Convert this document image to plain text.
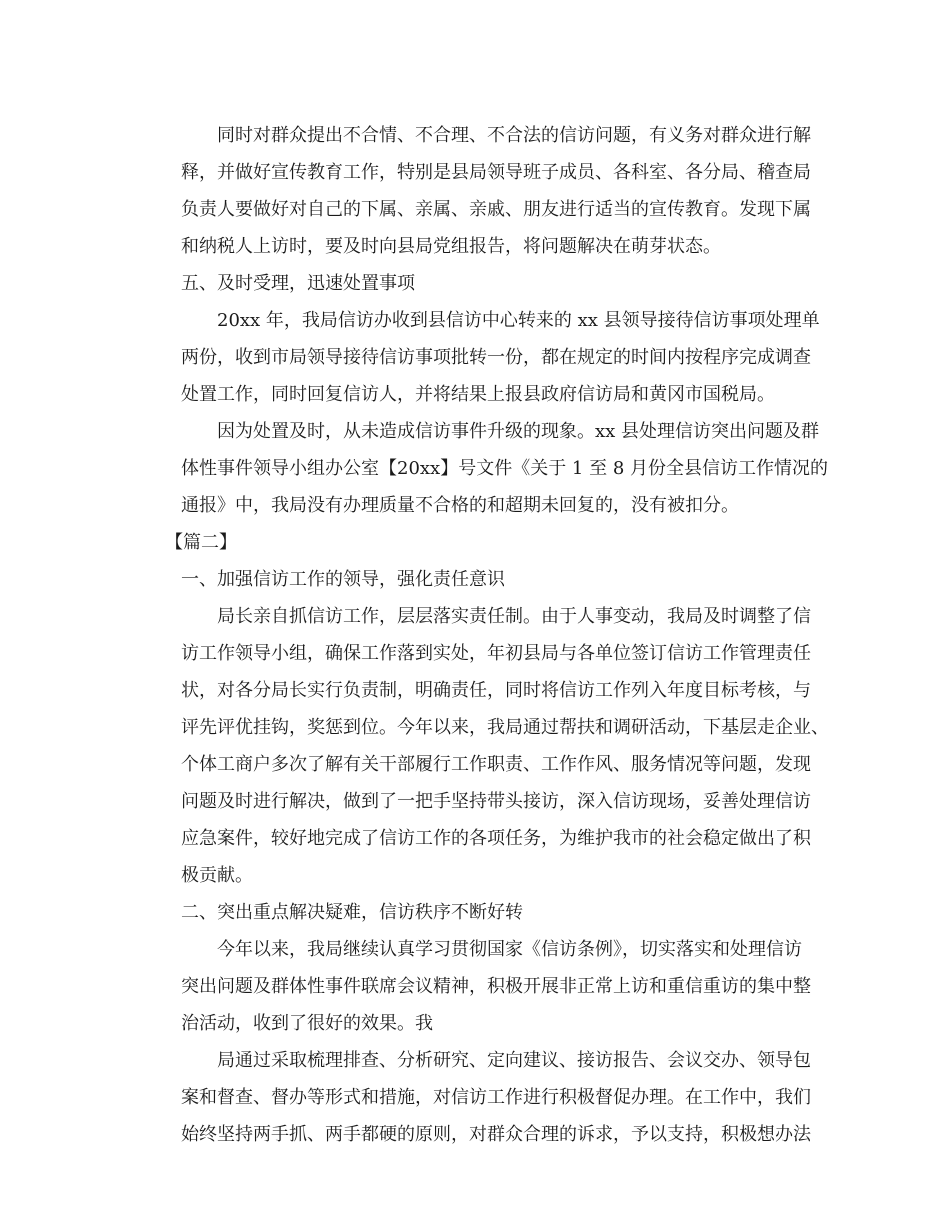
同时对群众提出不合情、不合理、不合法的信访问题，有义务对群众进行解
释，并做好宣传教育工作，特别是县局领导班子成员、各科室、各分局、稽查局
负责人要做好对自己的下属、亲属、亲戚、朋友进行适当的宣传教育。发现下属
和纳税人上访时，要及时向县局党组报告，将问题解决在萌芽状态。
五、及时受理，迅速处置事项
20xx 年，我局信访办收到县信访中心转来的 xx 县领导接待信访事项处理单
两份，收到市局领导接待信访事项批转一份，都在规定的时间内按程序完成调查
处置工作，同时回复信访人，并将结果上报县政府信访局和黄冈市国税局。
因为处置及时，从未造成信访事件升级的现象。xx 县处理信访突出问题及群
体性事件领导小组办公室【20xx】号文件《关于 1 至 8 月份全县信访工作情况的
通报》中，我局没有办理质量不合格的和超期未回复的，没有被扣分。
【篇二】
一、加强信访工作的领导，强化责任意识
局长亲自抓信访工作，层层落实责任制。由于人事变动，我局及时调整了信
访工作领导小组，确保工作落到实处，年初县局与各单位签订信访工作管理责任
状，对各分局长实行负责制，明确责任，同时将信访工作列入年度目标考核，与
评先评优挂钩，奖惩到位。今年以来，我局通过帮扶和调研活动，下基层走企业、
个体工商户多次了解有关干部履行工作职责、工作作风、服务情况等问题，发现
问题及时进行解决，做到了一把手坚持带头接访，深入信访现场，妥善处理信访
应急案件，较好地完成了信访工作的各项任务，为维护我市的社会稳定做出了积
极贡献。
二、突出重点解决疑难，信访秩序不断好转
今年以来，我局继续认真学习贯彻国家《信访条例》，切实落实和处理信访
突出问题及群体性事件联席会议精神，积极开展非正常上访和重信重访的集中整
治活动，收到了很好的效果。我
局通过采取梳理排查、分析研究、定向建议、接访报告、会议交办、领导包
案和督查、督办等形式和措施，对信访工作进行积极督促办理。在工作中，我们
始终坚持两手抓、两手都硬的原则，对群众合理的诉求，予以支持，积极想办法
